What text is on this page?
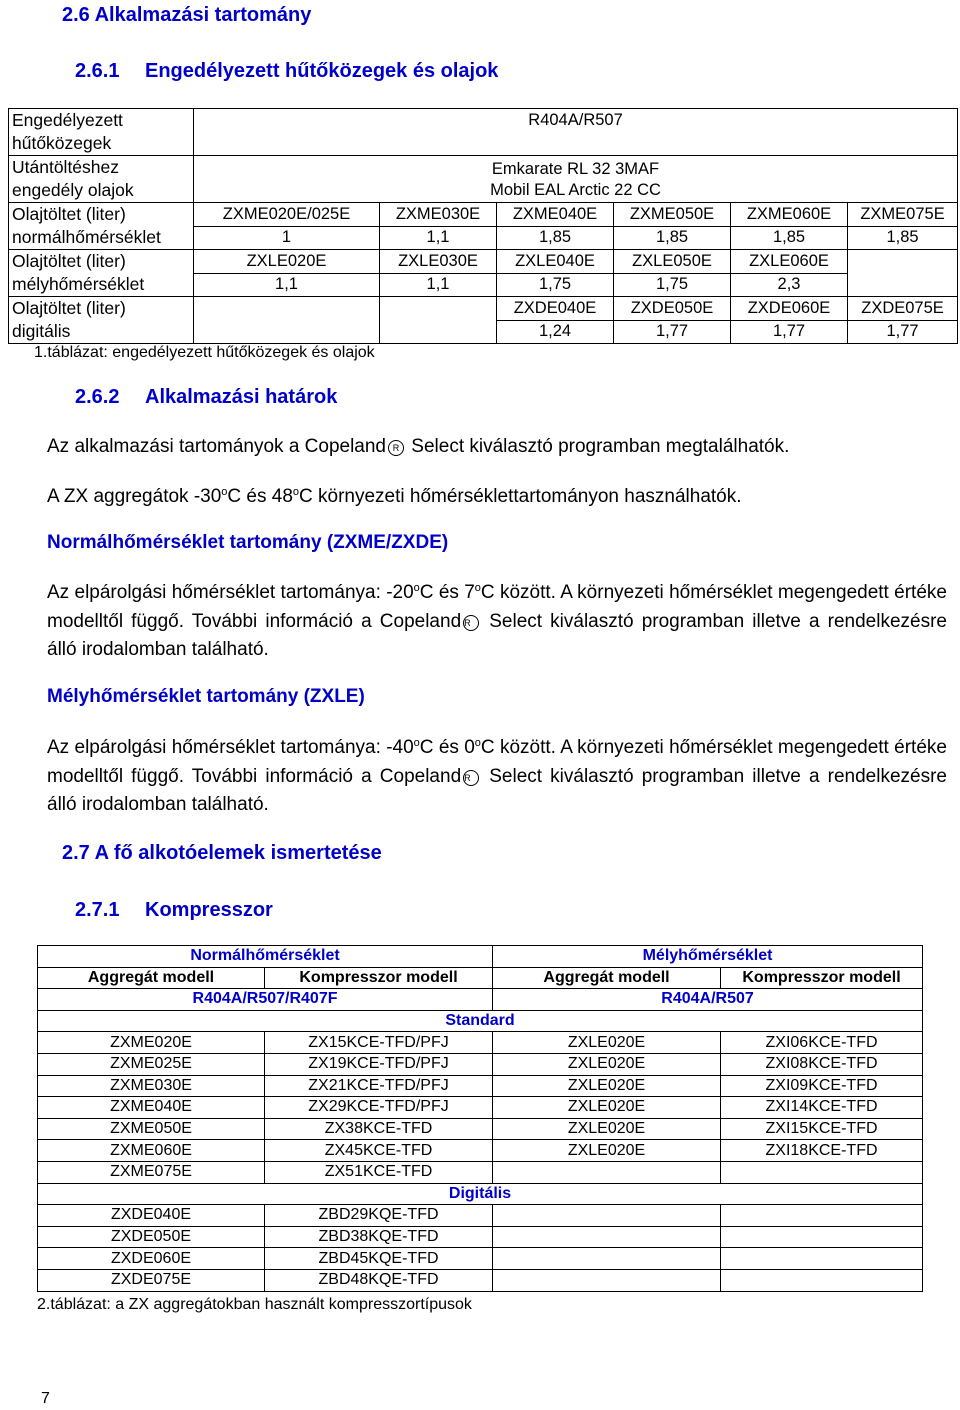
2.6 Alkalmazási tartomány
2.6.1 Engedélyezett hűtőközegek és olajok
Engedélyezett
hűtőközegek	R404A/R507					

Utántöltéshez
engedély olajok	Emkarate RL 32 3MAF					
	Mobil EAL Arctic 22 CC					
Olajtöltet (liter)
normálhőmérséklet	ZXME020E/025E	ZXME030E	ZXME040E	ZXME050E	ZXME060E	ZXME075E
	1	1,1	1,85	1,85	1,85	1,85
Olajtöltet (liter)
mélyhőmérséklet	ZXLE020E	ZXLE030E	ZXLE040E	ZXLE050E	ZXLE060E	
	1,1	1,1	1,75	1,75	2,3	
Olajtöltet (liter)
digitális			ZXDE040E	ZXDE050E	ZXDE060E	ZXDE075E
			1,24	1,77	1,77	1,77
1.táblázat: engedélyezett hűtőközegek és olajok
2.6.2 Alkalmazási határok
Az alkalmazási tartományok a Copeland R Select kiválasztó programban megtalálhatók.
A ZX aggregátok -30$^o$C és 48$^o$C környezeti hőmérséklettartományon használhatók.
Normálhőmérséklet tartomány (ZXME/ZXDE)
Az elpárolgási hőmérséklet tartománya: -20$^o$C és 7$^o$C között. A környezeti hőmérséklet megengedett értéke modelltől függő. További információ a Copeland R Select kiválasztó programban illetve a rendelkezésre álló irodalomban található.
Mélyhőmérséklet tartomány (ZXLE)
Az elpárolgási hőmérséklet tartománya: -40$^o$C és 0$^o$C között. A környezeti hőmérséklet megengedett értéke modelltől függő. További információ a Copeland R Select kiválasztó programban illetve a rendelkezésre álló irodalomban található.
2.7 A fő alkotóelemek ismertetése
2.7.1 Kompresszor
Normálhőmérséklet		Mélyhőmérséklet	
Aggregát modell	Kompresszor modell	Aggregát modell	Kompresszor modell
R404A/R507/R407F		R404A/R507	
Standard			
ZXME020E	ZX15KCE-TFD/PFJ	ZXLE020E	ZXI06KCE-TFD
ZXME025E	ZX19KCE-TFD/PFJ	ZXLE020E	ZXI08KCE-TFD
ZXME030E	ZX21KCE-TFD/PFJ	ZXLE020E	ZXI09KCE-TFD
ZXME040E	ZX29KCE-TFD/PFJ	ZXLE020E	ZXI14KCE-TFD
ZXME050E	ZX38KCE-TFD	ZXLE020E	ZXI15KCE-TFD
ZXME060E	ZX45KCE-TFD	ZXLE020E	ZXI18KCE-TFD
ZXME075E	ZX51KCE-TFD		
Digitális			
ZXDE040E	ZBD29KQE-TFD		
ZXDE050E	ZBD38KQE-TFD		
ZXDE060E	ZBD45KQE-TFD		
ZXDE075E	ZBD48KQE-TFD		
2.táblázat: a ZX aggregátokban használt kompresszortípusok
7
